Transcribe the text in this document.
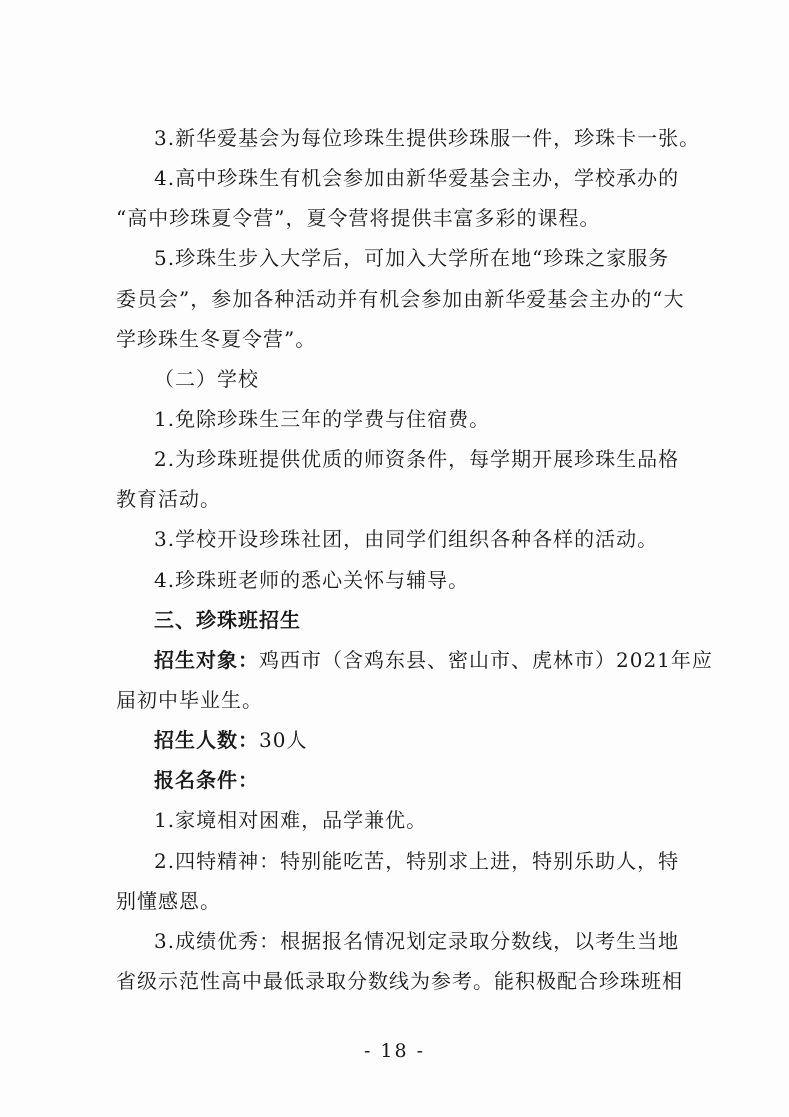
3.新华爱基会为每位珍珠生提供珍珠服一件，珍珠卡一张。
4.高中珍珠生有机会参加由新华爱基会主办，学校承办的
“高中珍珠夏令营”，夏令营将提供丰富多彩的课程。
5.珍珠生步入大学后，可加入大学所在地“珍珠之家服务
委员会”，参加各种活动并有机会参加由新华爱基会主办的“大
学珍珠生冬夏令营”。
（二）学校
1.免除珍珠生三年的学费与住宿费。
2.为珍珠班提供优质的师资条件，每学期开展珍珠生品格
教育活动。
3.学校开设珍珠社团，由同学们组织各种各样的活动。
4.珍珠班老师的悉心关怀与辅导。
三、珍珠班招生
招生对象：鸡西市（含鸡东县、密山市、虎林市）2021年应
届初中毕业生。
招生人数：30人
报名条件：
1.家境相对困难，品学兼优。
2.四特精神：特别能吃苦，特别求上进，特别乐助人，特
别懂感恩。
3.成绩优秀：根据报名情况划定录取分数线，以考生当地
省级示范性高中最低录取分数线为参考。能积极配合珍珠班相
- 18 -
